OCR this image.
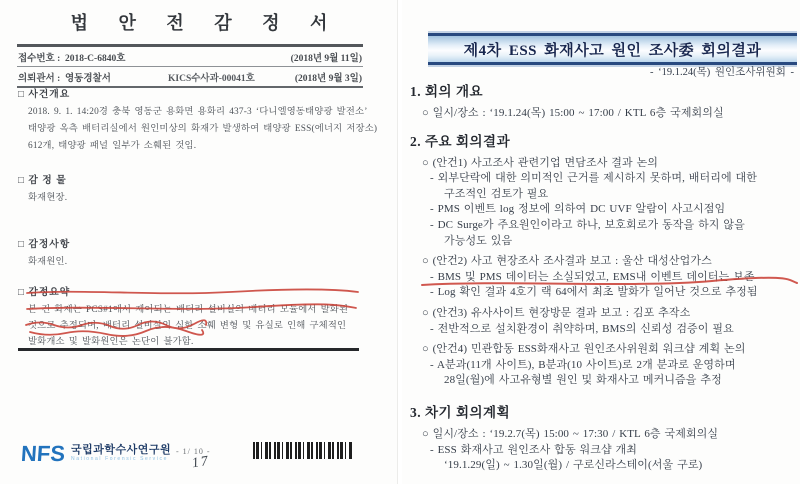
법 안 전 감 정 서
접수번호 : 2018-C-6840호	(2018년 9월 11일)
의뢰관서 : 영동경찰서	KICS수사과-00041호	(2018년 9월 3일)
□ 사건개요
2018. 9. 1. 14:20경 충북 영동군 용화면 용화리 437-3 ‘다니엘영동태양광 발전소’
태양광 옥측 배터리실에서 원인미상의 화재가 발생하여 태양광 ESS(에너지 저장소)
612개, 태양광 패널 일부가 소훼된 것임.
□ 감 정 물
화재현장.
□ 감정사항
화재원인.
□ 감정요약
본 건 화재는 PCS#1에서 제어되는 배터리 설비실의 배터리 모듈에서 발화된
것으로 추정되며, 배터리 설비실의 심한 소훼 변형 및 유실로 인해 구체적인
발화개소 및 발화원인은 논단이 불가함.
NFS 국립과학수사연구원
National Forensic Service
- 1/ 10 -
17
제4차 ESS 화재사고 원인 조사委 회의결과
- ‘19.1.24(목) 원인조사위원회 -
1. 회의 개요
○ 일시/장소 : ‘19.1.24(목) 15:00 ~ 17:00 / KTL 6층 국제회의실
2. 주요 회의결과
○ (안건1) 사고조사 관련기업 면담조사 결과 논의
- 외부단락에 대한 의미적인 근거를 제시하지 못하며, 배터리에 대한
구조적인 검토가 필요
- PMS 이벤트 log 정보에 의하여 DC UVF 알람이 사고시점임
- DC Surge가 주요원인이라고 하나, 보호회로가 동작을 하지 않을
가능성도 있음
○ (안건2) 사고 현장조사 조사결과 보고 : 울산 대성산업가스
- BMS 및 PMS 데이터는 소실되었고, EMS내 이벤트 데이터는 보존
- Log 확인 결과 4호기 랙 64에서 최초 발화가 일어난 것으로 추정됨
○ (안건3) 유사사이트 현장방문 결과 보고 : 김포 추작소
- 전반적으로 설치환경이 취약하며, BMS의 신뢰성 검증이 필요
○ (안건4) 민관합동 ESS화재사고 원인조사위원회 워크샵 계획 논의
- A분과(11개 사이트), B분과(10 사이트)로 2개 분과로 운영하며
28일(월)에 사고유형별 원인 및 화재사고 메커니즘을 추정
3. 차기 회의계획
○ 일시/장소 : ‘19.2.7(목) 15:00 ~ 17:30 / KTL 6층 국제회의실
- ESS 화재사고 원인조사 합동 워크샵 개최
‘19.1.29(일) ~ 1.30일(월) / 구로신라스테이(서울 구로)
